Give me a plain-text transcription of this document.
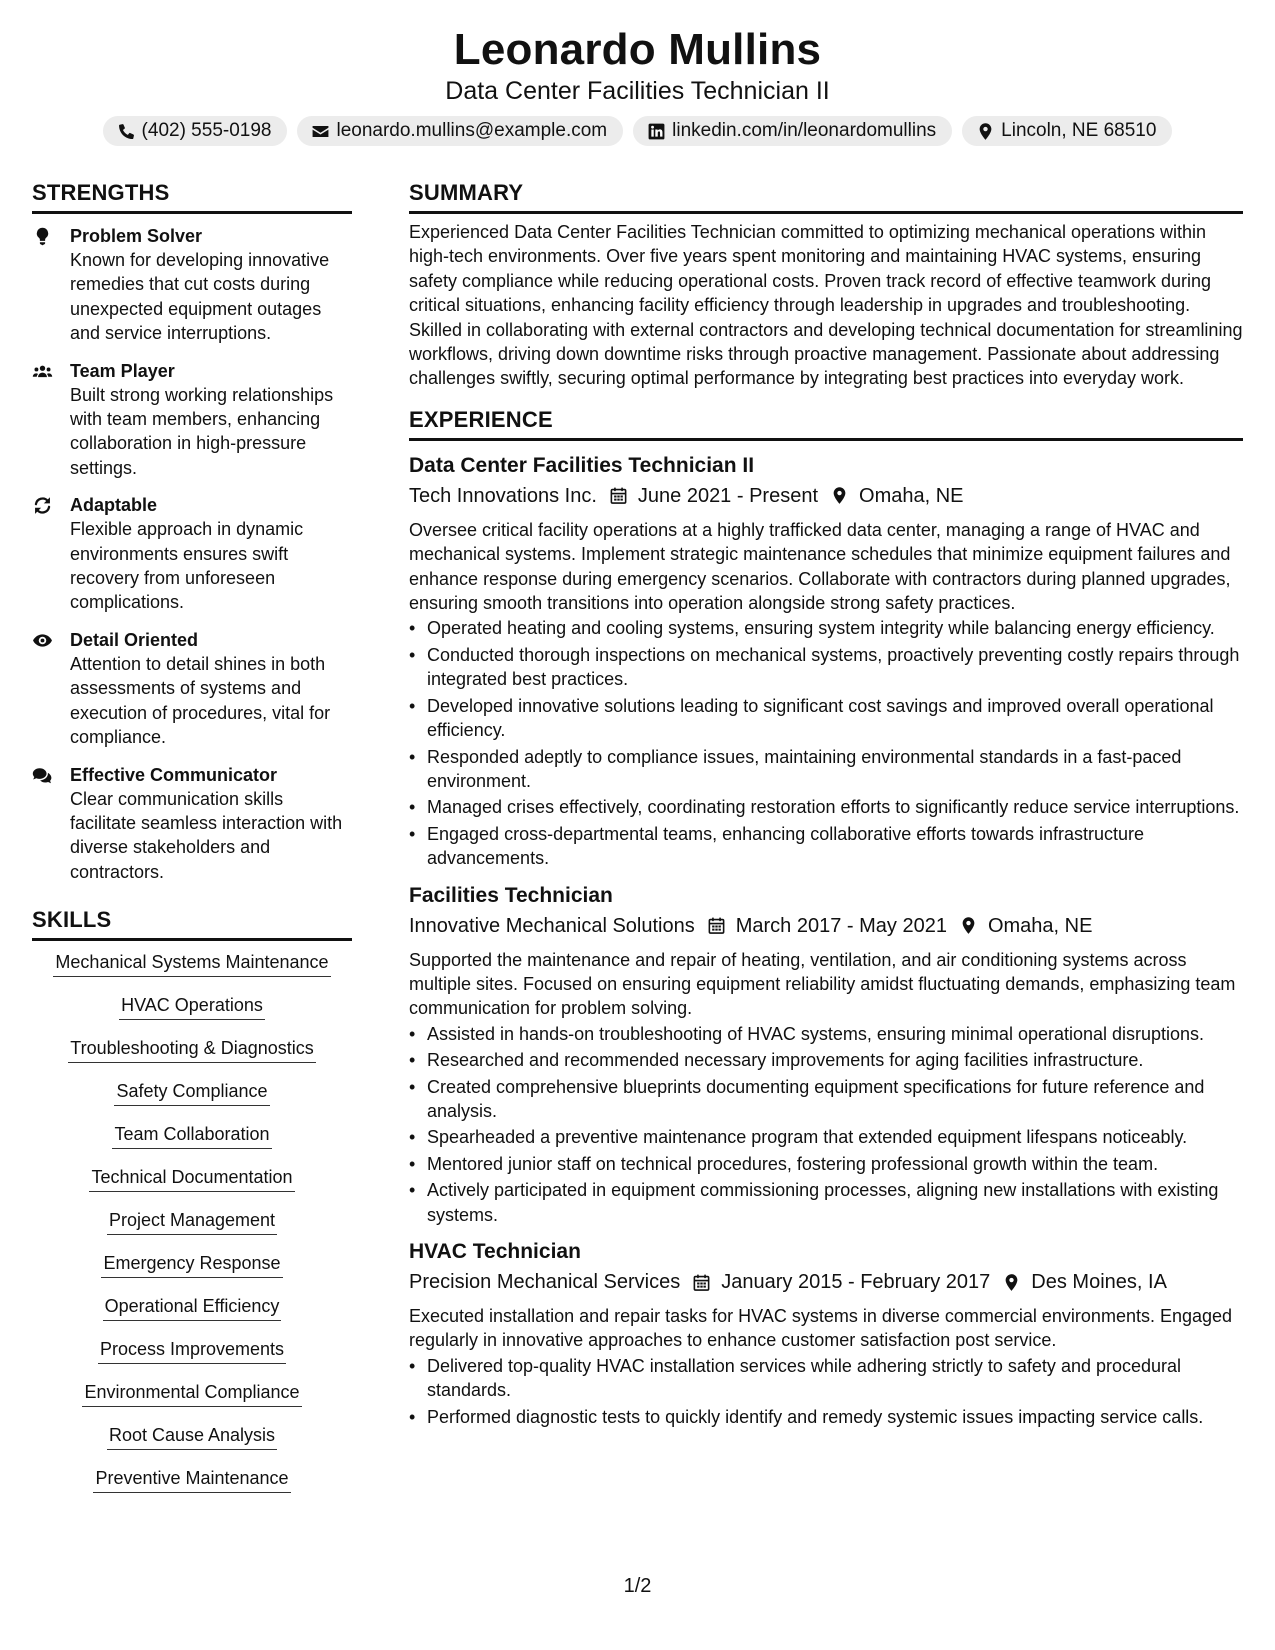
Leonardo Mullins
Data Center Facilities Technician II
(402) 555-0198	leonardo.mullins@example.com	linkedin.com/in/leonardomullins	Lincoln, NE 68510
STRENGTHS
Problem Solver
Known for developing innovative remedies that cut costs during unexpected equipment outages and service interruptions.
Team Player
Built strong working relationships with team members, enhancing collaboration in high-pressure settings.
Adaptable
Flexible approach in dynamic environments ensures swift recovery from unforeseen complications.
Detail Oriented
Attention to detail shines in both assessments of systems and execution of procedures, vital for compliance.
Effective Communicator
Clear communication skills facilitate seamless interaction with diverse stakeholders and contractors.
SKILLS
Mechanical Systems Maintenance
HVAC Operations
Troubleshooting & Diagnostics
Safety Compliance
Team Collaboration
Technical Documentation
Project Management
Emergency Response
Operational Efficiency
Process Improvements
Environmental Compliance
Root Cause Analysis
Preventive Maintenance
SUMMARY
Experienced Data Center Facilities Technician committed to optimizing mechanical operations within high-tech environments. Over five years spent monitoring and maintaining HVAC systems, ensuring safety compliance while reducing operational costs. Proven track record of effective teamwork during critical situations, enhancing facility efficiency through leadership in upgrades and troubleshooting. Skilled in collaborating with external contractors and developing technical documentation for streamlining workflows, driving down downtime risks through proactive management. Passionate about addressing challenges swiftly, securing optimal performance by integrating best practices into everyday work.
EXPERIENCE
Data Center Facilities Technician II
Tech Innovations Inc. June 2021 - Present Omaha, NE
Oversee critical facility operations at a highly trafficked data center, managing a range of HVAC and mechanical systems. Implement strategic maintenance schedules that minimize equipment failures and enhance response during emergency scenarios. Collaborate with contractors during planned upgrades, ensuring smooth transitions into operation alongside strong safety practices.
• Operated heating and cooling systems, ensuring system integrity while balancing energy efficiency.
• Conducted thorough inspections on mechanical systems, proactively preventing costly repairs through integrated best practices.
• Developed innovative solutions leading to significant cost savings and improved overall operational efficiency.
• Responded adeptly to compliance issues, maintaining environmental standards in a fast-paced environment.
• Managed crises effectively, coordinating restoration efforts to significantly reduce service interruptions.
• Engaged cross-departmental teams, enhancing collaborative efforts towards infrastructure advancements.
Facilities Technician
Innovative Mechanical Solutions March 2017 - May 2021 Omaha, NE
Supported the maintenance and repair of heating, ventilation, and air conditioning systems across multiple sites. Focused on ensuring equipment reliability amidst fluctuating demands, emphasizing team communication for problem solving.
• Assisted in hands-on troubleshooting of HVAC systems, ensuring minimal operational disruptions.
• Researched and recommended necessary improvements for aging facilities infrastructure.
• Created comprehensive blueprints documenting equipment specifications for future reference and analysis.
• Spearheaded a preventive maintenance program that extended equipment lifespans noticeably.
• Mentored junior staff on technical procedures, fostering professional growth within the team.
• Actively participated in equipment commissioning processes, aligning new installations with existing systems.
HVAC Technician
Precision Mechanical Services January 2015 - February 2017 Des Moines, IA
Executed installation and repair tasks for HVAC systems in diverse commercial environments. Engaged regularly in innovative approaches to enhance customer satisfaction post service.
• Delivered top-quality HVAC installation services while adhering strictly to safety and procedural standards.
• Performed diagnostic tests to quickly identify and remedy systemic issues impacting service calls.
1/2
